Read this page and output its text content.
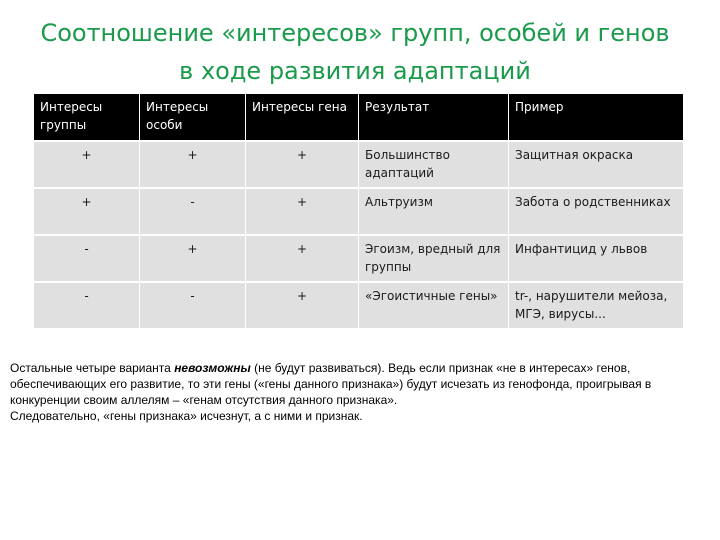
Соотношение «интересов» групп, особей и генов в ходе развития адаптаций
Интересы группы	Интересы особи	Интересы гена	Результат	Пример
+	+	+	Большинство адаптаций	Защитная окраска
+	-	+	Альтруизм	Забота о родственниках
-	+	+	Эгоизм, вредный для группы	Инфантицид у львов
-	-	+	«Эгоистичные гены»	tr-, нарушители мейоза, МГЭ, вирусы...

Остальные четыре варианта невозможны (не будут развиваться). Ведь если признак «не в интересах» генов, обеспечивающих его развитие, то эти гены («гены данного признака») будут исчезать из генофонда, проигрывая в конкуренции своим аллелям – «генам отсутствия данного признака».

Следовательно, «гены признака» исчезнут, а с ними и признак.
